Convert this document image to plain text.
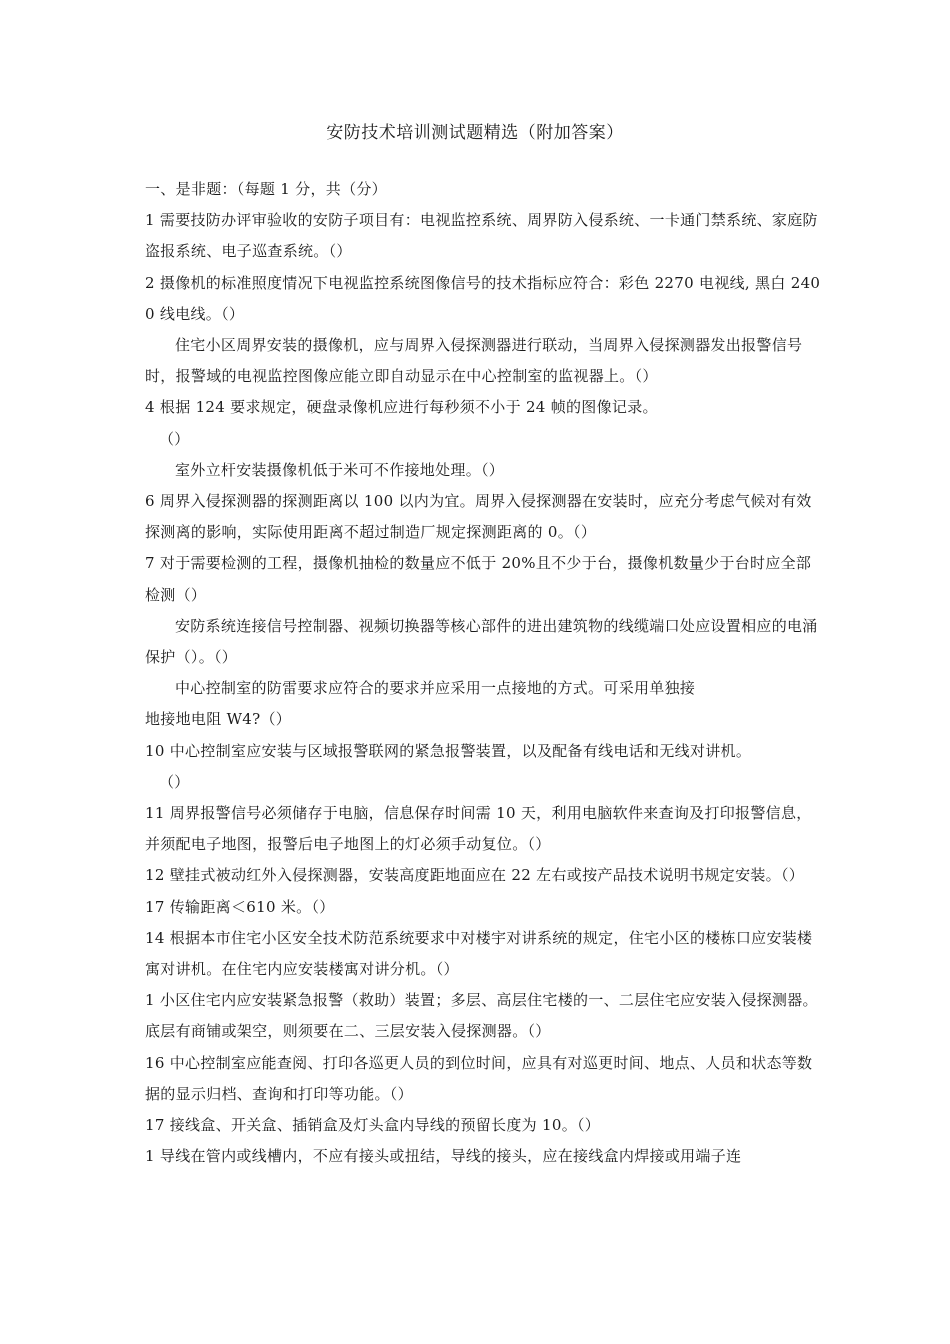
安防技术培训测试题精选（附加答案）

一、是非题：（每题 1 分，共（分）

1 需要技防办评审验收的安防子项目有：电视监控系统、周界防入侵系统、一卡通门禁系统、家庭防盗报系统、电子巡查系统。（）

2 摄像机的标准照度情况下电视监控系统图像信号的技术指标应符合：彩色 2270 电视线, 黑白 2400 线电线。（）

住宅小区周界安装的摄像机，应与周界入侵探测器进行联动，当周界入侵探测器发出报警信号时，报警域的电视监控图像应能立即自动显示在中心控制室的监视器上。（）

4 根据 124 要求规定，硬盘录像机应进行每秒须不小于 24 帧的图像记录。

（）

室外立杆安装摄像机低于米可不作接地处理。（）

6 周界入侵探测器的探测距离以 100 以内为宜。周界入侵探测器在安装时，应充分考虑气候对有效探测离的影响，实际使用距离不超过制造厂规定探测距离的 0。（）

7 对于需要检测的工程，摄像机抽检的数量应不低于 20%且不少于台，摄像机数量少于台时应全部检测（）

安防系统连接信号控制器、视频切换器等核心部件的进出建筑物的线缆端口处应设置相应的电涌保护（）。（）

中心控制室的防雷要求应符合的要求并应采用一点接地的方式。可采用单独接

地接地电阻 W4?（）

10 中心控制室应安装与区域报警联网的紧急报警装置，以及配备有线电话和无线对讲机。

（）

11 周界报警信号必须储存于电脑，信息保存时间需 10 天，利用电脑软件来查询及打印报警信息，并须配电子地图，报警后电子地图上的灯必须手动复位。（）

12 壁挂式被动红外入侵探测器，安装高度距地面应在 22 左右或按产品技术说明书规定安装。（）

17 传输距离＜610 米。（）

14 根据本市住宅小区安全技术防范系统要求中对楼宇对讲系统的规定，住宅小区的楼栋口应安装楼寓对讲机。在住宅内应安装楼寓对讲分机。（）

1 小区住宅内应安装紧急报警（救助）装置；多层、高层住宅楼的一、二层住宅应安装入侵探测器。底层有商铺或架空，则须要在二、三层安装入侵探测器。（）

16 中心控制室应能查阅、打印各巡更人员的到位时间，应具有对巡更时间、地点、人员和状态等数据的显示归档、查询和打印等功能。（）

17 接线盒、开关盒、插销盒及灯头盒内导线的预留长度为 10。（）

1 导线在管内或线槽内，不应有接头或扭结，导线的接头，应在接线盒内焊接或用端子连
